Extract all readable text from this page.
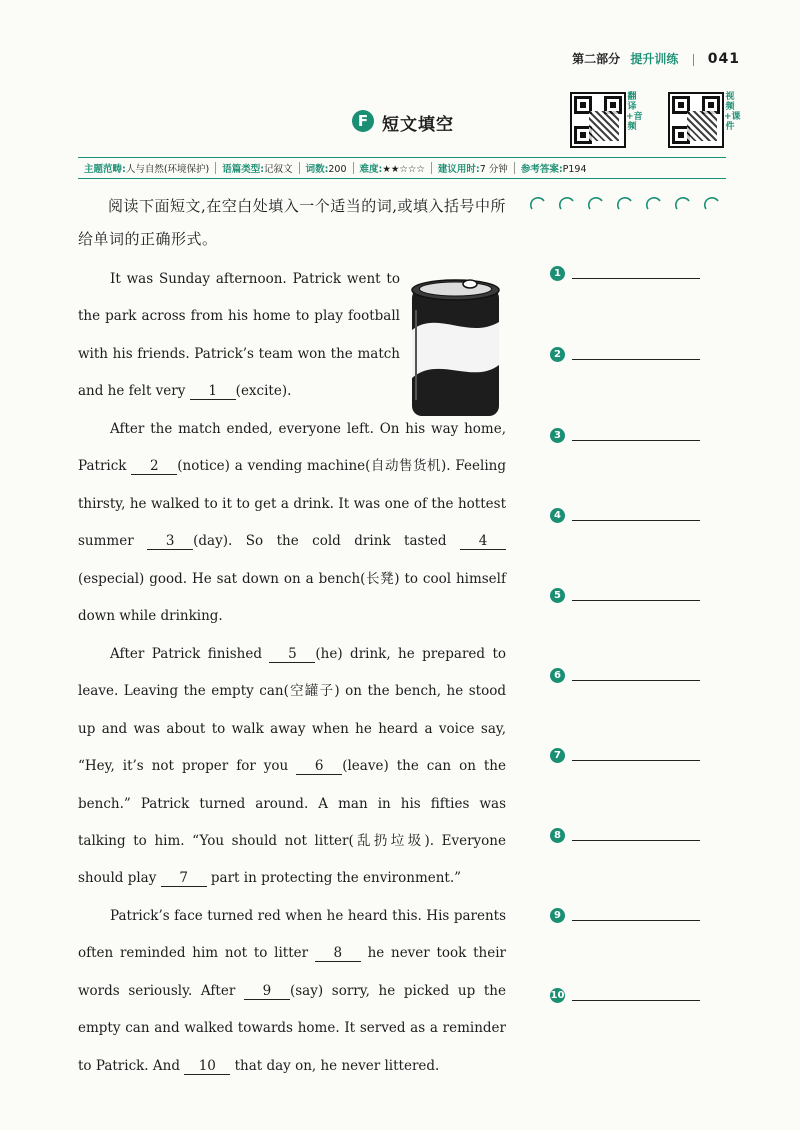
第二部分 提升训练 041
F 短文填空
翻译+音频
视频+课件
主题范畴:人与自然(环境保护)	语篇类型:记叙文	词数:200	难度:★★☆☆☆	建议用时:7 分钟	参考答案:P194
阅读下面短文,在空白处填入一个适当的词,或填入括号中所给单词的正确形式。
It was Sunday afternoon. Patrick went to the park across from his home to play football with his friends. Patrick’s team won the match and he felt very 1 (excite).
After the match ended, everyone left. On his way home, Patrick 2 (notice) a vending machine(自动售货机). Feeling thirsty, he walked to it to get a drink. It was one of the hottest summer 3 (day). So the cold drink tasted 4(especial) good. He sat down on a bench(长凳) to cool himself down while drinking.
After Patrick finished 5 (he) drink, he prepared to leave. Leaving the empty can(空罐子) on the bench, he stood up and was about to walk away when he heard a voice say, “Hey, it’s not proper for you 6 (leave) the can on the bench.” Patrick turned around. A man in his fifties was talking to him. “You should not litter(乱扔垃圾). Everyone should play 7 part in protecting the environment.”
Patrick’s face turned red when he heard this. His parents often reminded him not to litter 8 he never took their words seriously. After 9 (say) sorry, he picked up the empty can and walked towards home. It served as a reminder to Patrick. And 10 that day on, he never littered.
1
2
3
4
5
6
7
8
9
10
